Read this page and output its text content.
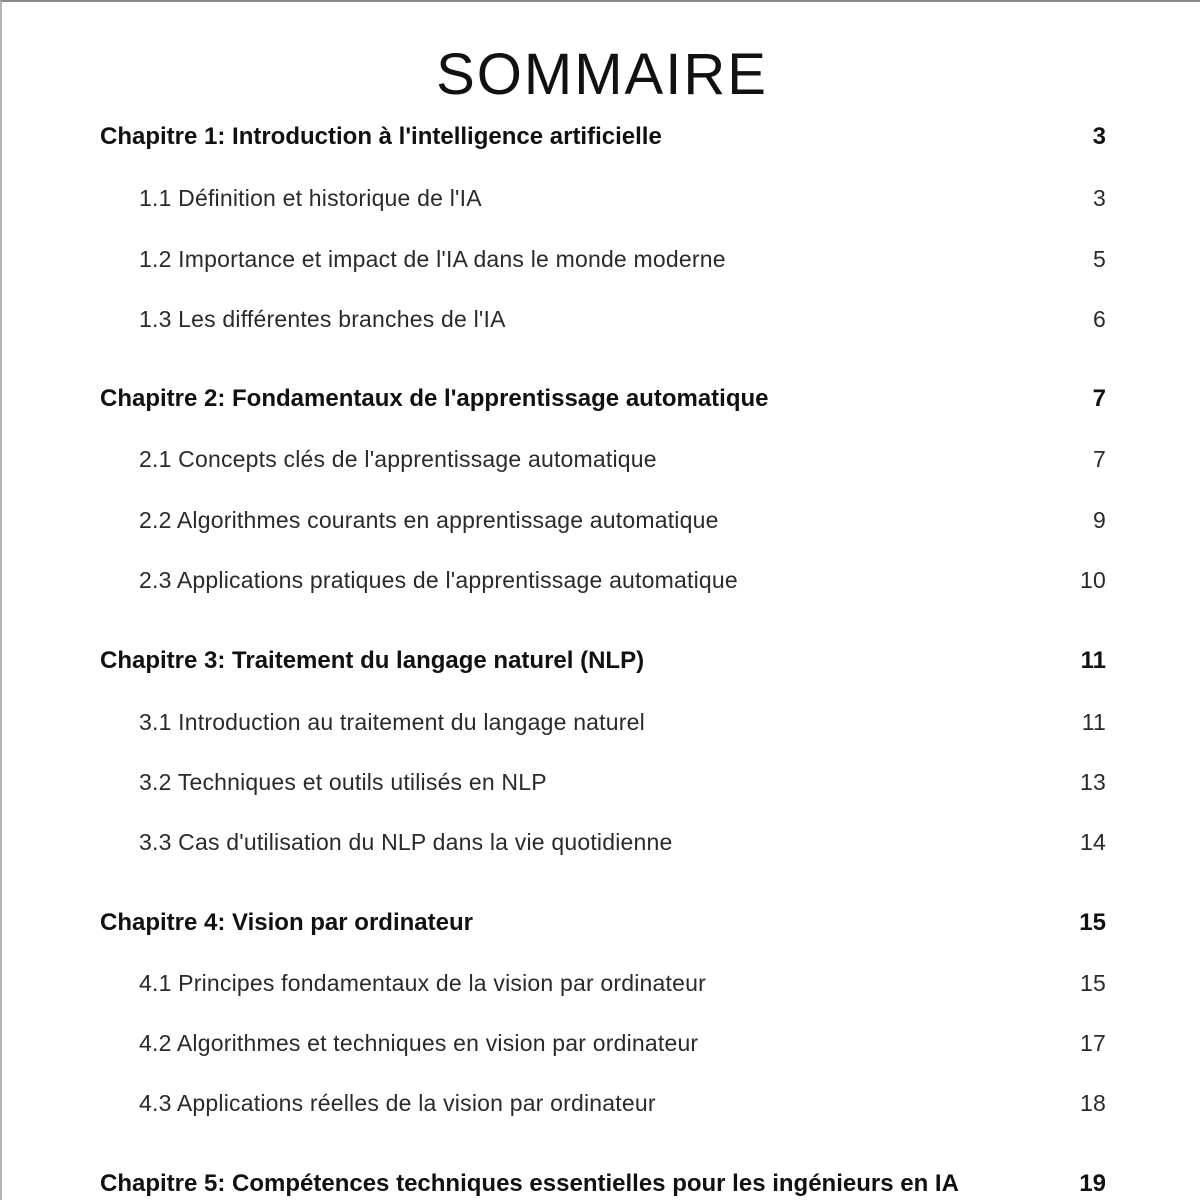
SOMMAIRE
Chapitre 1: Introduction à l'intelligence artificielle	3
1.1 Définition et historique de l'IA	3
1.2 Importance et impact de l'IA dans le monde moderne	5
1.3 Les différentes branches de l'IA	6
Chapitre 2: Fondamentaux de l'apprentissage automatique	7
2.1 Concepts clés de l'apprentissage automatique	7
2.2 Algorithmes courants en apprentissage automatique	9
2.3 Applications pratiques de l'apprentissage automatique	10
Chapitre 3: Traitement du langage naturel (NLP)	11
3.1 Introduction au traitement du langage naturel	11
3.2 Techniques et outils utilisés en NLP	13
3.3 Cas d'utilisation du NLP dans la vie quotidienne	14
Chapitre 4: Vision par ordinateur	15
4.1 Principes fondamentaux de la vision par ordinateur	15
4.2 Algorithmes et techniques en vision par ordinateur	17
4.3 Applications réelles de la vision par ordinateur	18
Chapitre 5: Compétences techniques essentielles pour les ingénieurs en IA	19
